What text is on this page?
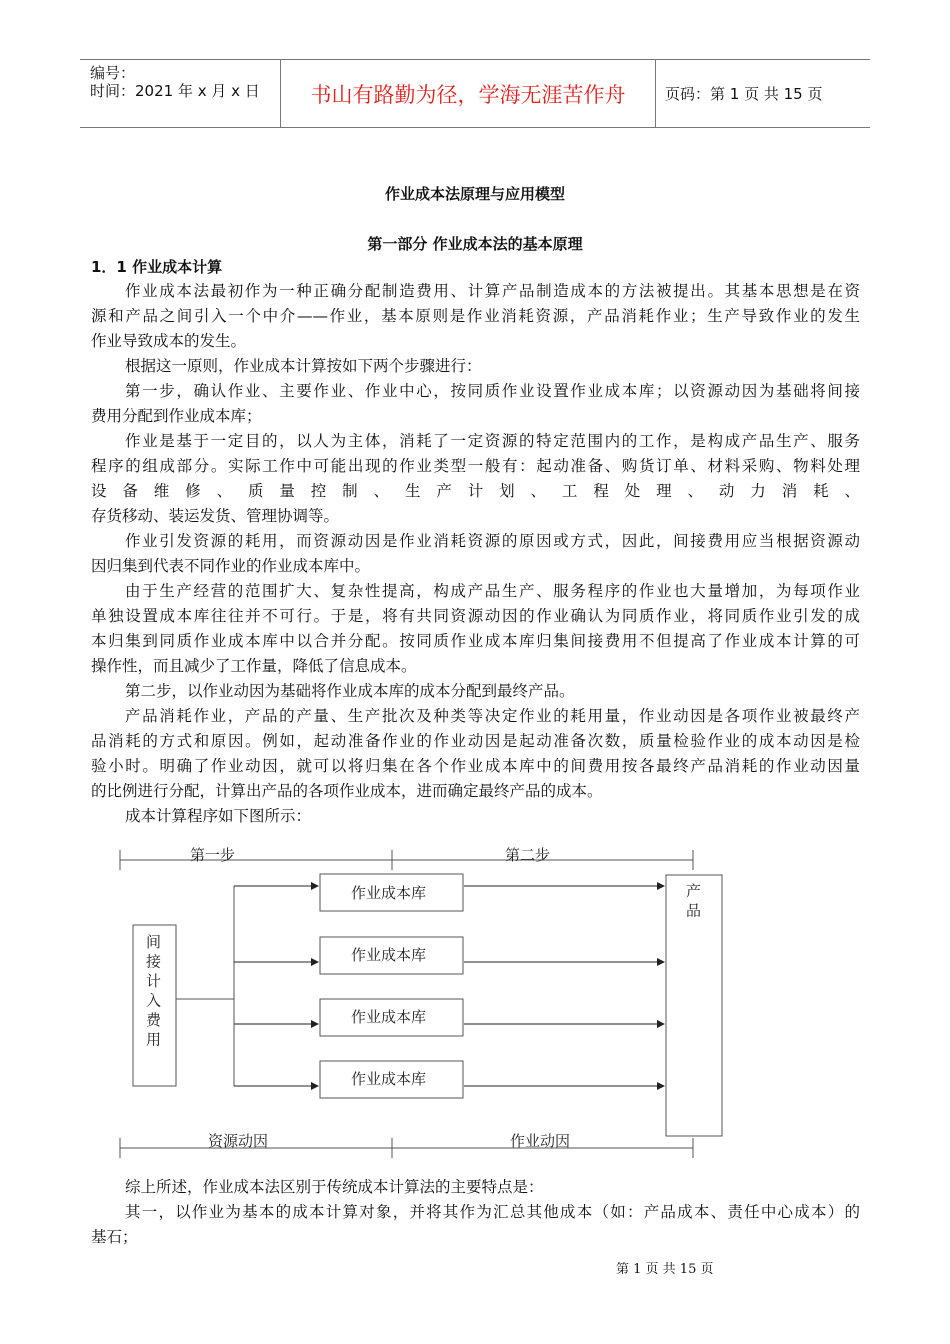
编号：
时间：2021 年 x 月 x 日	书山有路勤为径，学海无涯苦作舟	页码：第 1 页 共 15 页
作业成本法原理与应用模型
第一部分 作业成本法的基本原理
1．1 作业成本计算
作业成本法最初作为一种正确分配制造费用、计算产品制造成本的方法被提出。其基本思想是在资
源和产品之间引入一个中介——作业，基本原则是作业消耗资源，产品消耗作业；生产导致作业的发生
作业导致成本的发生。
根据这一原则，作业成本计算按如下两个步骤进行：
第一步，确认作业、主要作业、作业中心，按同质作业设置作业成本库；以资源动因为基础将间接
费用分配到作业成本库；
作业是基于一定目的，以人为主体，消耗了一定资源的特定范围内的工作，是构成产品生产、服务
程序的组成部分。实际工作中可能出现的作业类型一般有：起动准备、购货订单、材料采购、物料处理
设备维修、质量控制、生产计划、工程处理、动力消耗、
存货移动、装运发货、管理协调等。
作业引发资源的耗用，而资源动因是作业消耗资源的原因或方式，因此，间接费用应当根据资源动
因归集到代表不同作业的作业成本库中。
由于生产经营的范围扩大、复杂性提高，构成产品生产、服务程序的作业也大量增加，为每项作业
单独设置成本库往往并不可行。于是，将有共同资源动因的作业确认为同质作业，将同质作业引发的成
本归集到同质作业成本库中以合并分配。按同质作业成本库归集间接费用不但提高了作业成本计算的可
操作性，而且减少了工作量，降低了信息成本。
第二步，以作业动因为基础将作业成本库的成本分配到最终产品。
产品消耗作业，产品的产量、生产批次及种类等决定作业的耗用量，作业动因是各项作业被最终产
品消耗的方式和原因。例如，起动准备作业的作业动因是起动准备次数，质量检验作业的成本动因是检
验小时。明确了作业动因，就可以将归集在各个作业成本库中的间费用按各最终产品消耗的作业动因量
的比例进行分配，计算出产品的各项作业成本，进而确定最终产品的成本。
成本计算程序如下图所示：
第一步	第二步
资源动因	作业动因
作业成本库
作业成本库
作业成本库
作业成本库
间
接
计
入
费
用
产
品
综上所述，作业成本法区别于传统成本计算法的主要特点是：
其一，以作业为基本的成本计算对象，并将其作为汇总其他成本（如：产品成本、责任中心成本）的
基石；
第 1 页 共 15 页
